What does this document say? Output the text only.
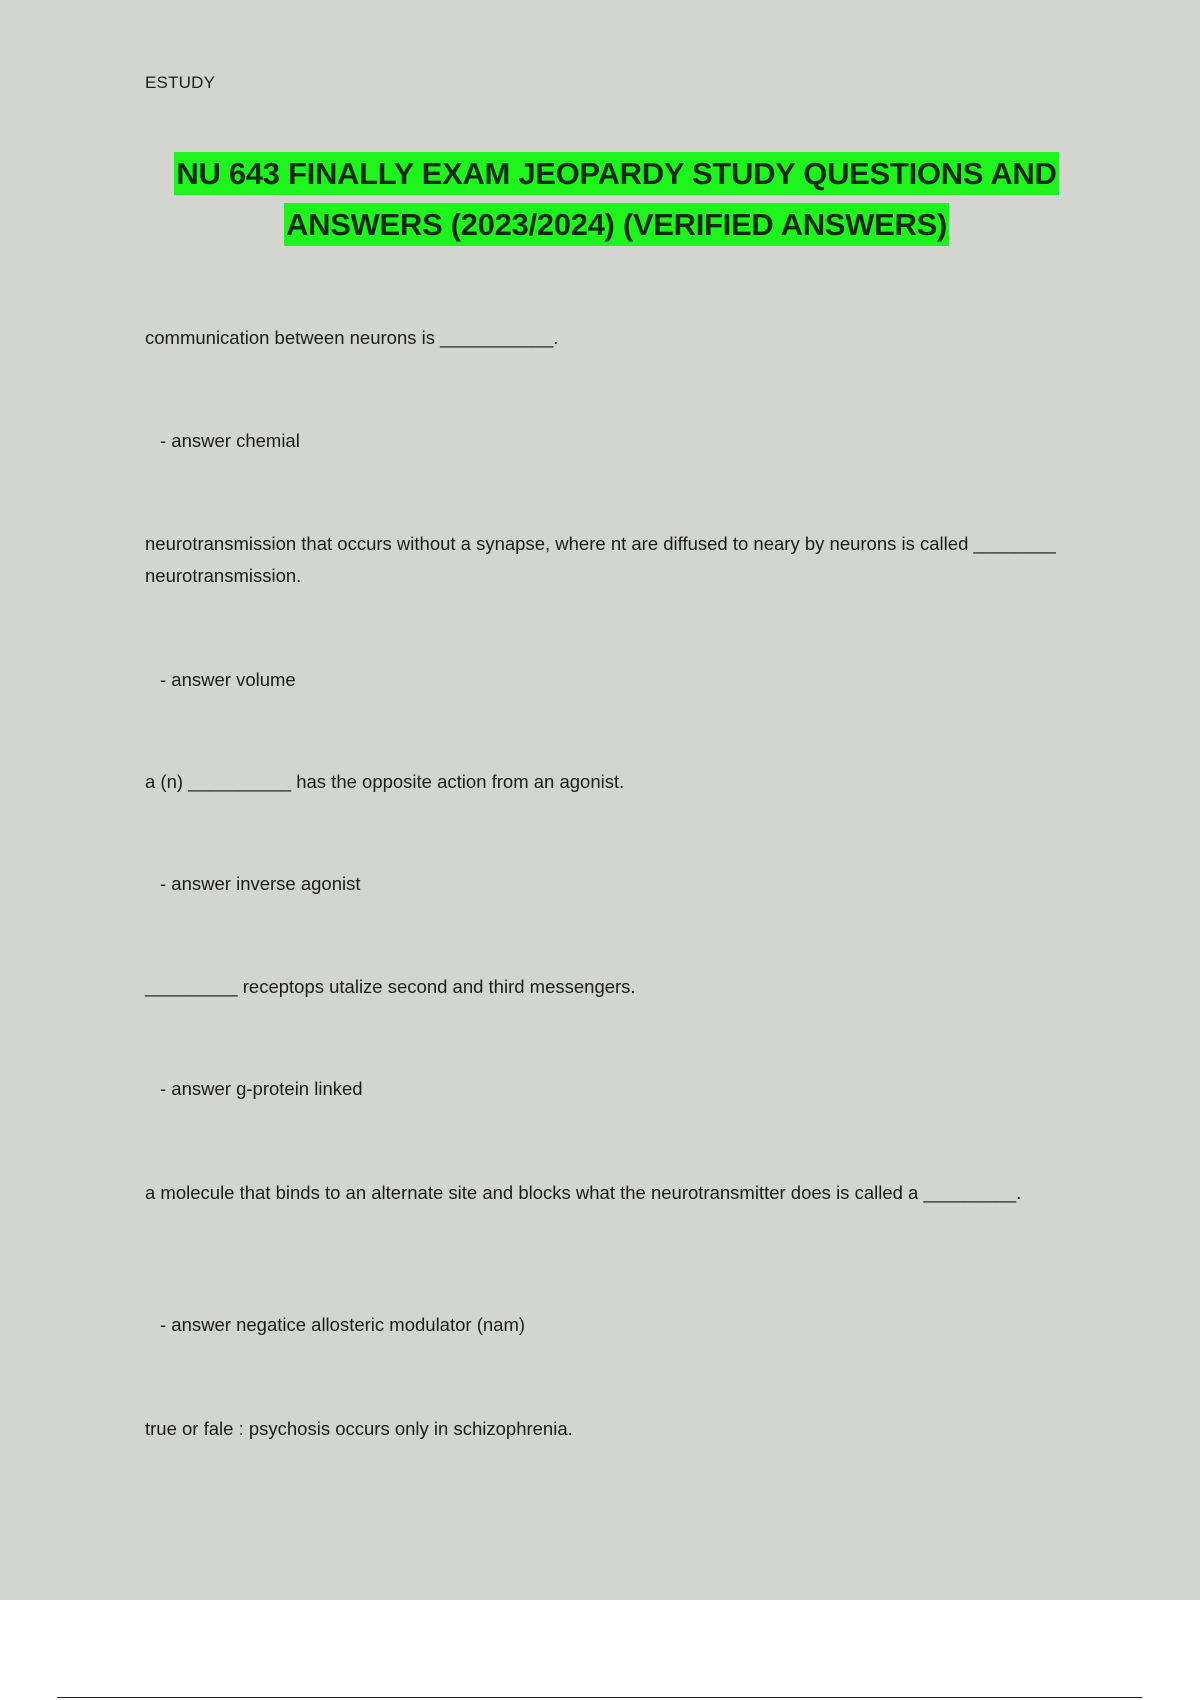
ESTUDY
NU 643 FINALLY EXAM JEOPARDY STUDY QUESTIONS AND
ANSWERS (2023/2024) (VERIFIED ANSWERS)
communication between neurons is ___________.
- answer chemial
neurotransmission that occurs without a synapse, where nt are diffused to neary by neurons is called ________ neurotransmission.
- answer volume
a (n) __________ has the opposite action from an agonist.
- answer inverse agonist
_________ receptops utalize second and third messengers.
- answer g-protein linked
a molecule that binds to an alternate site and blocks what the neurotransmitter does is called a _________.
- answer negatice allosteric modulator (nam)
true or fale : psychosis occurs only in schizophrenia.
